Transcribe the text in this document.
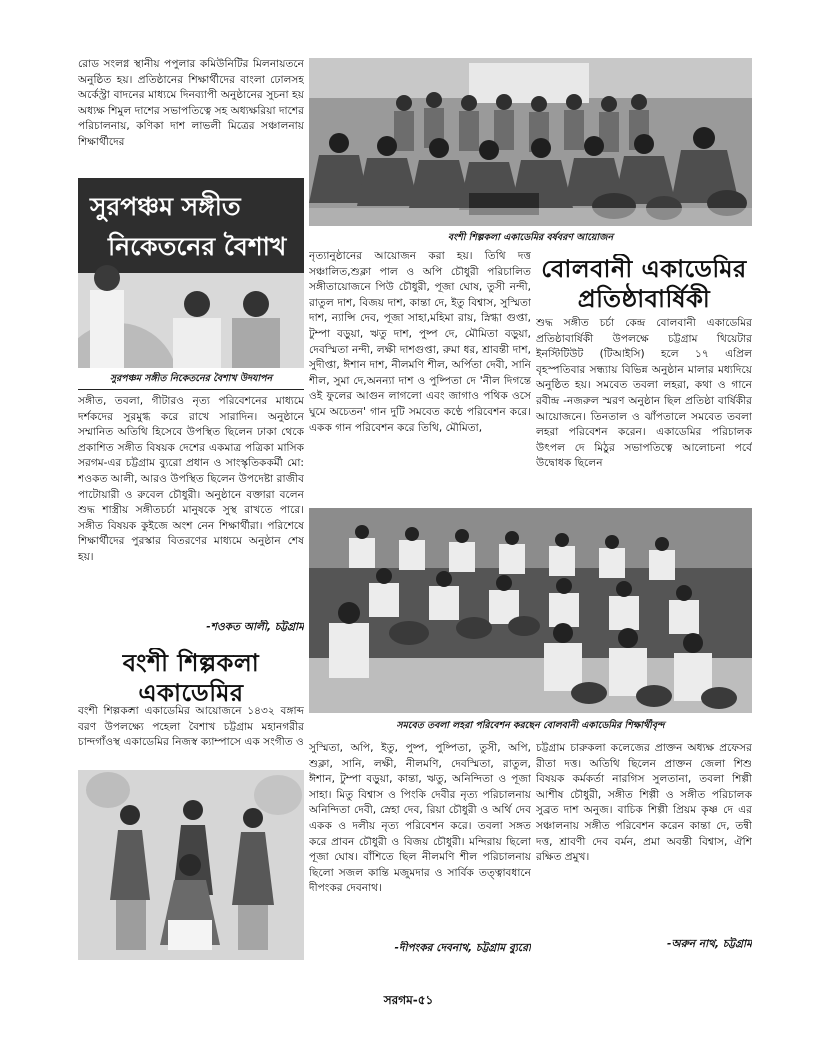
রোড সংলগ্ন স্থানীয় পপুলার কমিউনিটির মিলনায়তনে অনুষ্ঠিত হয়। প্রতিষ্ঠানের শিক্ষার্থীদের বাংলা ঢোলসহ অর্কেস্ট্রা বাদনের মাধ্যমে দিনব্যাপী অনুষ্ঠানের সুচনা হয় অধ্যক্ষ শিমুল দাশের সভাপতিত্বে সহ অধ্যক্ষরিয়া দাশের পরিচালনায়, কণিকা দাশ লাভলী মিত্রের সঞ্চালনায় শিক্ষার্থীদের

সুরপঞ্চম সঙ্গীত
নিকেতনের বৈশাখ

সুরপঞ্চম সঙ্গীত নিকেতনের বৈশাখ উদযাপন

সঙ্গীত, তবলা, গীটারও নৃত্য পরিবেশনের মাধ্যমে দর্শকদের সুরমুগ্ধ করে রাখে সারাদিন। অনুষ্ঠানে সম্মানিত অতিথি হিসেবে উপস্থিত ছিলেন ঢাকা থেকে প্রকাশিত সঙ্গীত বিষয়ক দেশের একমাত্র পত্রিকা মাসিক সরগম-এর চট্টগ্রাম ব্যুরো প্রধান ও সাংস্কৃতিককর্মী মো: শওকত আলী, আরও উপস্থিত ছিলেন উপদেষ্টা রাজীব পাটোয়ারী ও রুবেল চৌধুরী। অনুষ্ঠানে বক্তারা বলেন শুদ্ধ শাস্ত্রীয় সঙ্গীতচর্চা মানুষকে সুস্থ রাখতে পারে। সঙ্গীত বিষয়ক কুইজে অংশ নেন শিক্ষার্থীরা। পরিশেষে শিক্ষার্থীদের পুরস্কার বিতরণের মাধ্যমে অনুষ্ঠান শেষ হয়।

-শওকত আলী, চট্টগ্রাম

বংশী শিল্পকলা একাডেমির

বংশী শিল্পকলা একাডেমির আয়োজনে ১৪৩২ বঙ্গাব্দ বরণ উপলক্ষ্যে পহেলা বৈশাখ চট্টগ্রাম মহানগরীর চান্দগাঁওস্থ একাডেমির নিজস্ব ক্যাম্পাসে এক সংগীত ও

বংশী শিল্পকলা একাডেমির বর্ষবরণ আয়োজন

নৃত্যানুষ্ঠানের আয়োজন করা হয়। তিথি দত্ত সঞ্চালিত,শুক্লা পাল ও অপি চৌধুরী পরিচালিত সঙ্গীতায়োজনে পিউ চৌধুরী, পূজা ঘোষ, তুসী নন্দী, রাতুল দাশ, বিজয় দাশ, কান্তা দে, ইতু বিশ্বাস, সুস্মিতা দাশ, ন্যান্সি দেব, পূজা সাহা,মহিমা রায়, স্নিগ্ধা গুপ্তা, টুম্পা বড়ুয়া, ঋতু দাশ, পুষ্প দে, মৌমিতা বড়ুয়া, দেবস্মিতা নন্দী, লক্ষী দাশগুপ্তা, রুমা ধর, শ্রাবন্তী দাশ, সুদীপ্তা, ঈশান দাশ, নীলমণি শীল, অর্পিতা দেবী, সানি শীল, সুমা দে,অনন্যা দাশ ও পুষ্পিতা দে 'নীল দিগন্তে ওই ফুলের আগুন লাগলো এবং জাগাও পথিক ওসে ঘুমে অচেতন' গান দুটি সমবেত কণ্ঠে পরিবেশন করে। একক গান পরিবেশন করে তিথি, মৌমিতা,

বোলবানী একাডেমির

প্রতিষ্ঠাবার্ষিকী

শুদ্ধ সঙ্গীত চর্চা কেন্দ্র বোলবানী একাডেমির প্রতিষ্ঠাবার্ষিকী উপলক্ষে চট্টগ্রাম থিয়েটার ইনস্টিটিউট (টিআইসি) হলে ১৭ এপ্রিল বৃহস্পতিবার সন্ধ্যায় বিভিন্ন অনুষ্ঠান মালার মধ্যদিয়ে অনুষ্ঠিত হয়। সমবেত তবলা লহরা, কথা ও গানে রবীন্দ্র -নজরুল স্মরণ অনুষ্ঠান ছিল প্রতিষ্ঠা বার্ষিকীর আয়োজনে। তিনতাল ও ঝাঁপতালে সমবেত তবলা লহরা পরিবেশন করেন। একাডেমির পরিচালক উৎপল দে মিঠুর সভাপতিত্বে আলোচনা পর্বে উদ্বোধক ছিলেন

সমবেত তবলা লহরা পরিবেশন করছেন বোলবানী একাডেমির শিক্ষার্থীবৃন্দ

সুস্মিতা, অপি, ইতু, পুষ্প, পুষ্পিতা, তুসী, অপি, শুক্লা, সানি, লক্ষী, নীলমণি, দেবস্মিতা, রাতুল, ঈশান, টুম্পা বড়ুয়া, কান্তা, ঋতু, অনিন্দিতা ও পূজা সাহা। মিতু বিশ্বাস ও পিংকি দেবীর নৃত্য পরিচালনায় অনিন্দিতা দেবী, স্নেহা দেব, রিয়া চৌধুরী ও অর্থি দেব একক ও দলীয় নৃত্য পরিবেশন করে। তবলা সঙ্গত করে প্রাবন চৌধুরী ও বিজয় চৌধুরী। মন্দিরায় ছিলো পূজা ঘোষ। বাঁশিতে ছিল নীলমণি শীল পরিচালনায় ছিলো সজল কান্তি মজুমদার ও সার্বিক তত্ত্বাবধানে দীপংকর দেবনাথ।

-দীপংকর দেবনাথ, চট্টগ্রাম ব্যুরো

চট্টগ্রাম চারুকলা কলেজের প্রাক্তন অধ্যক্ষ প্রফেসর রীতা দত্ত। অতিথি ছিলেন প্রাক্তন জেলা শিশু বিষয়ক কর্মকর্তা নারগিস সুলতানা, তবলা শিল্পী আশীষ চৌধুরী, সঙ্গীত শিল্পী ও সঙ্গীত পরিচালক সুব্রত দাশ অনুজ। বাচিক শিল্পী প্রিয়ম কৃষ্ণ দে এর সঞ্চালনায় সঙ্গীত পরিবেশন করেন কান্তা দে, তন্বী দত্ত, শ্রাবণী দেব বর্মন, প্রমা অবন্তী বিশ্বাস, ঐশি রক্ষিত প্রমুখ।

-অরুন নাথ, চট্টগ্রাম

সরগম-৫১
